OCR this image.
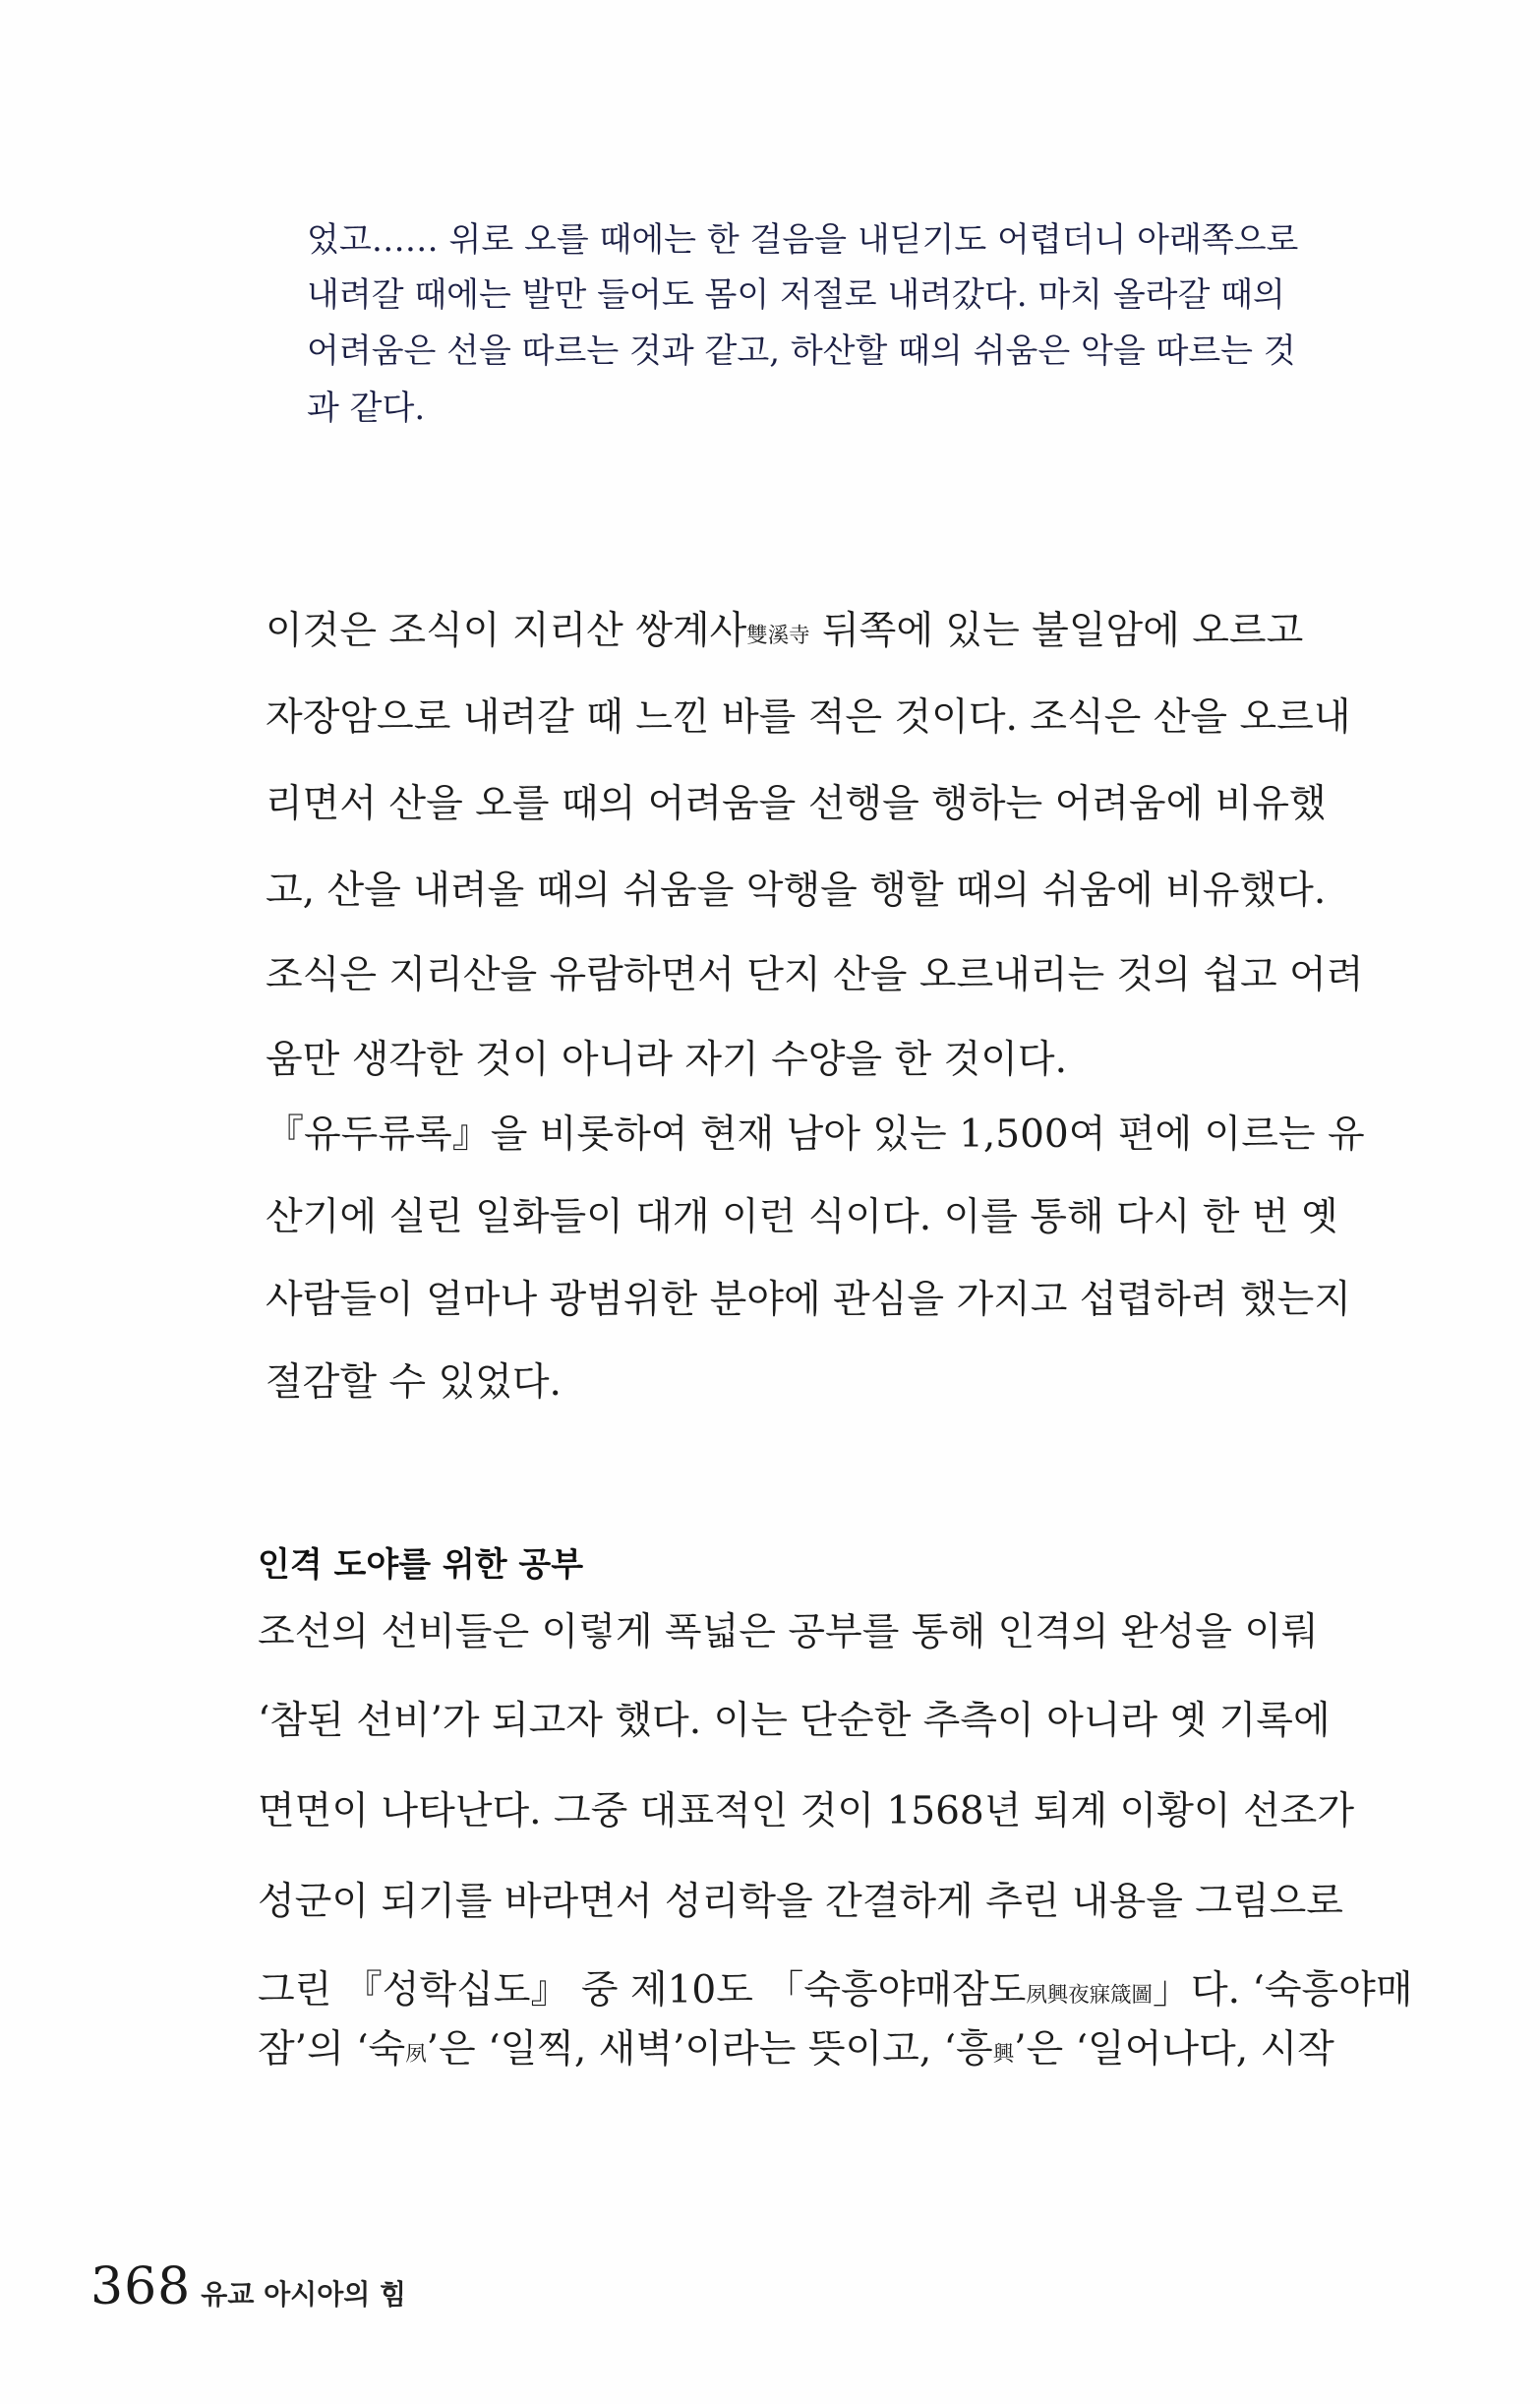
었고…… 위로 오를 때에는 한 걸음을 내딛기도 어렵더니 아래쪽으로
내려갈 때에는 발만 들어도 몸이 저절로 내려갔다. 마치 올라갈 때의
어려움은 선을 따르는 것과 같고, 하산할 때의 쉬움은 악을 따르는 것
과 같다.
이것은 조식이 지리산 쌍계사雙溪寺 뒤쪽에 있는 불일암에 오르고
자장암으로 내려갈 때 느낀 바를 적은 것이다. 조식은 산을 오르내
리면서 산을 오를 때의 어려움을 선행을 행하는 어려움에 비유했
고, 산을 내려올 때의 쉬움을 악행을 행할 때의 쉬움에 비유했다.
조식은 지리산을 유람하면서 단지 산을 오르내리는 것의 쉽고 어려
움만 생각한 것이 아니라 자기 수양을 한 것이다.
『유두류록』을 비롯하여 현재 남아 있는 1,500여 편에 이르는 유
산기에 실린 일화들이 대개 이런 식이다. 이를 통해 다시 한 번 옛
사람들이 얼마나 광범위한 분야에 관심을 가지고 섭렵하려 했는지
절감할 수 있었다.
인격 도야를 위한 공부
조선의 선비들은 이렇게 폭넓은 공부를 통해 인격의 완성을 이뤄
‘참된 선비’가 되고자 했다. 이는 단순한 추측이 아니라 옛 기록에
면면이 나타난다. 그중 대표적인 것이 1568년 퇴계 이황이 선조가
성군이 되기를 바라면서 성리학을 간결하게 추린 내용을 그림으로
그린 『성학십도』 중 제10도 「숙흥야매잠도夙興夜寐箴圖」다. ‘숙흥야매
잠’의 ‘숙夙’은 ‘일찍, 새벽’이라는 뜻이고, ‘흥興’은 ‘일어나다, 시작
368 유교 아시아의 힘
